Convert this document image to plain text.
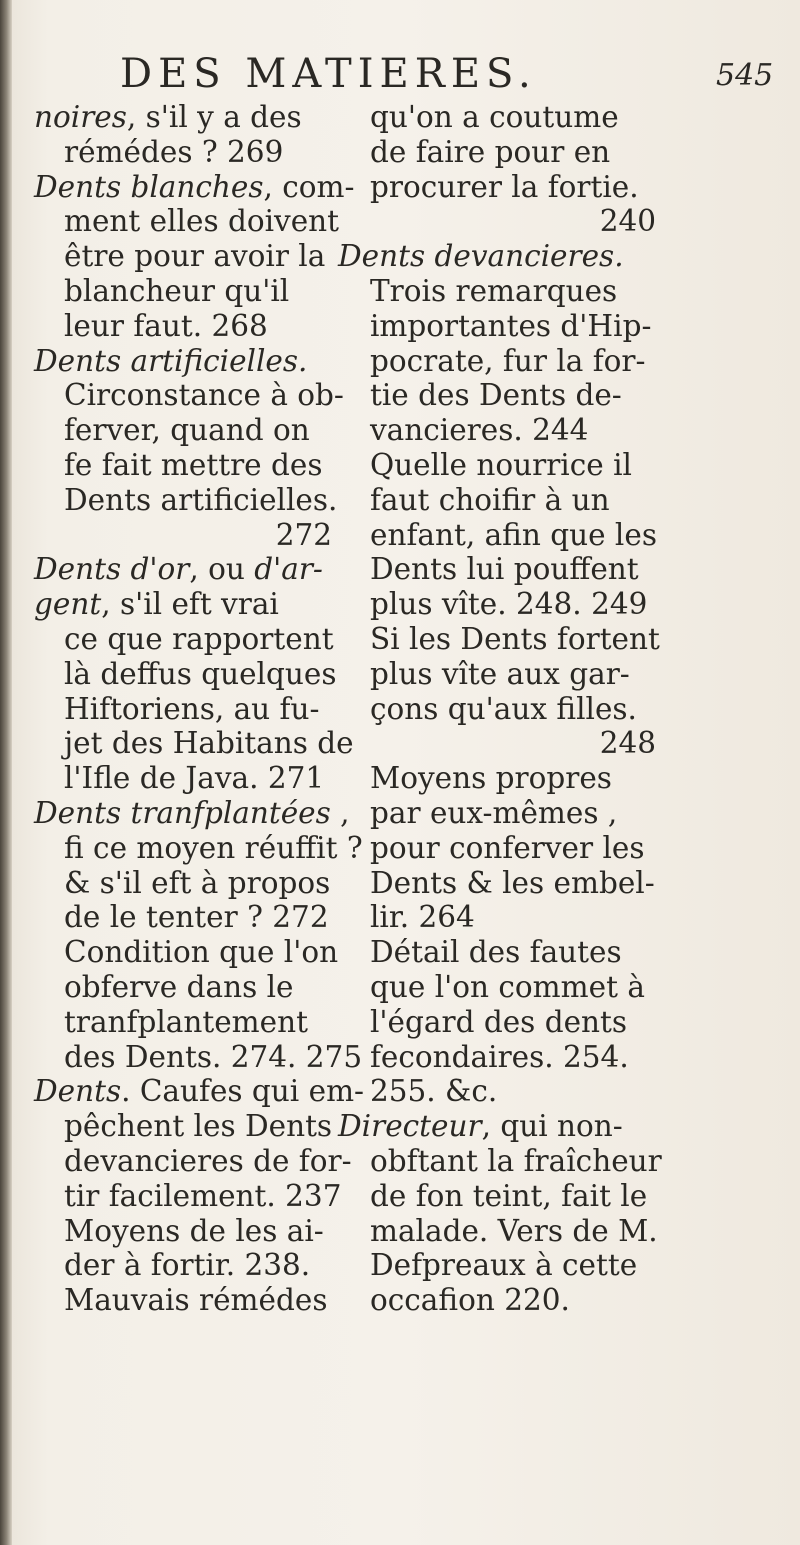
DES MATIERES.	545
noires, s'il y a des
rémédes ? 269
Dents blanches, com-
ment elles doivent
être pour avoir la
blancheur qu'il
leur faut. 268
Dents artificielles.
Circonstance à ob-
ferver, quand on
fe fait mettre des
Dents artificielles.
272
Dents d'or, ou d'ar-
gent, s'il eft vrai
ce que rapportent
là deffus quelques
Hiftoriens, au fu-
jet des Habitans de
l'Ifle de Java. 271
Dents tranfplantées ,
fi ce moyen réuffit ?
& s'il eft à propos
de le tenter ? 272
Condition que l'on
obferve dans le
tranfplantement
des Dents. 274. 275
Dents. Caufes qui em-
pêchent les Dents
devancieres de for-
tir facilement. 237
Moyens de les ai-
der à fortir. 238.
Mauvais rémédes
qu'on a coutume
de faire pour en
procurer la fortie.
240
Dents devancieres.
Trois remarques
importantes d'Hip-
pocrate, fur la for-
tie des Dents de-
vancieres. 244
Quelle nourrice il
faut choifir à un
enfant, afin que les
Dents lui pouffent
plus vîte. 248. 249
Si les Dents fortent
plus vîte aux gar-
çons qu'aux filles.
248
Moyens propres
par eux-mêmes ,
pour conferver les
Dents & les embel-
lir. 264
Détail des fautes
que l'on commet à
l'égard des dents
fecondaires. 254.
255. &c.
Directeur, qui non-
obftant la fraîcheur
de fon teint, fait le
malade. Vers de M.
Defpreaux à cette
occafion 220.
